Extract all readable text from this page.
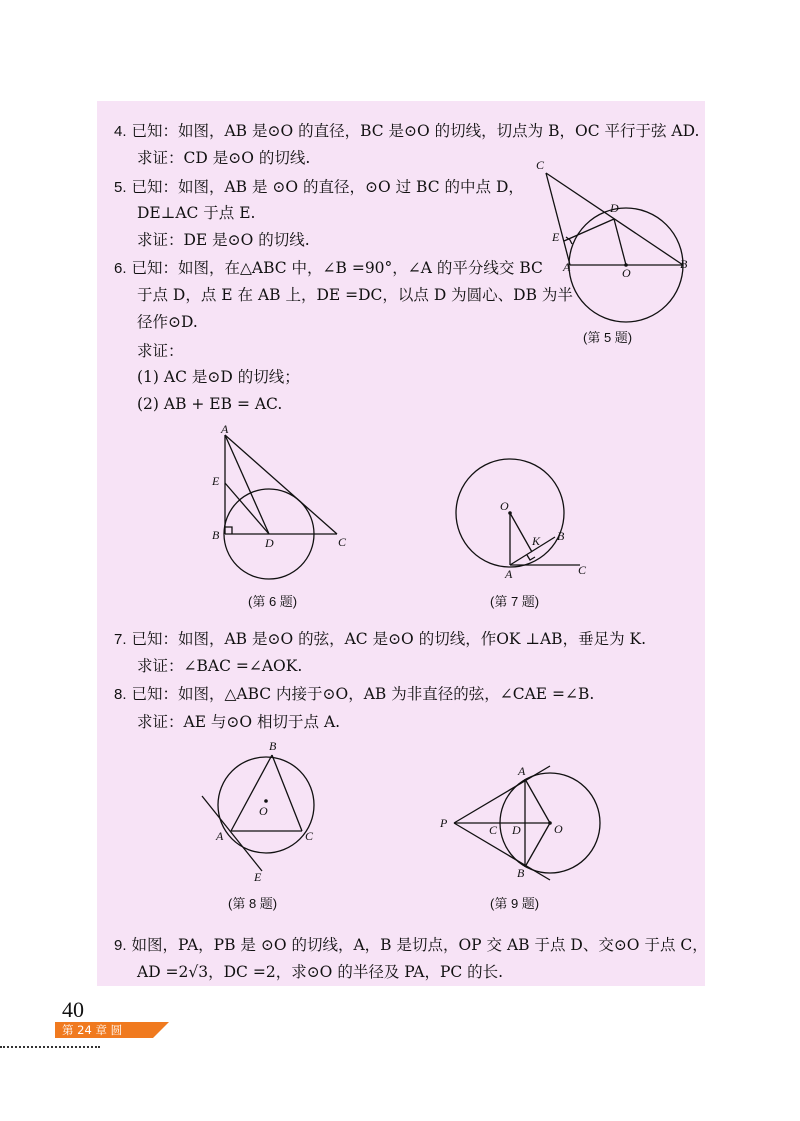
4. 已知：如图，AB 是⊙O 的直径，BC 是⊙O 的切线，切点为 B，OC 平行于弦 AD.
求证：CD 是⊙O 的切线.
5. 已知：如图，AB 是 ⊙O 的直径，⊙O 过 BC 的中点 D，
DE⊥AC 于点 E.
求证：DE 是⊙O 的切线.
6. 已知：如图，在△ABC 中，∠B =90°，∠A 的平分线交 BC
于点 D，点 E 在 AB 上，DE =DC，以点 D 为圆心、DB 为半
径作⊙D.
求证：
(1) AC 是⊙D 的切线；
(2) AB + EB = AC.
C
D
E
A	O
B
(第 5 题)
A
E
B
D	C
(第 6 题)
O
K B
A	C
(第 7 题)
7. 已知：如图，AB 是⊙O 的弦，AC 是⊙O 的切线，作OK ⊥AB，垂足为 K.
求证：∠BAC =∠AOK.
8. 已知：如图，△ABC 内接于⊙O，AB 为非直径的弦，∠CAE =∠B.
求证：AE 与⊙O 相切于点 A.
B
O
A	C
E
(第 8 题)
A
P	C D	O
B
(第 9 题)
9. 如图，PA，PB 是 ⊙O 的切线，A，B 是切点，OP 交 AB 于点 D、交⊙O 于点 C，
AD =2√3，DC =2，求⊙O 的半径及 PA，PC 的长.
40
第 24 章 圆
